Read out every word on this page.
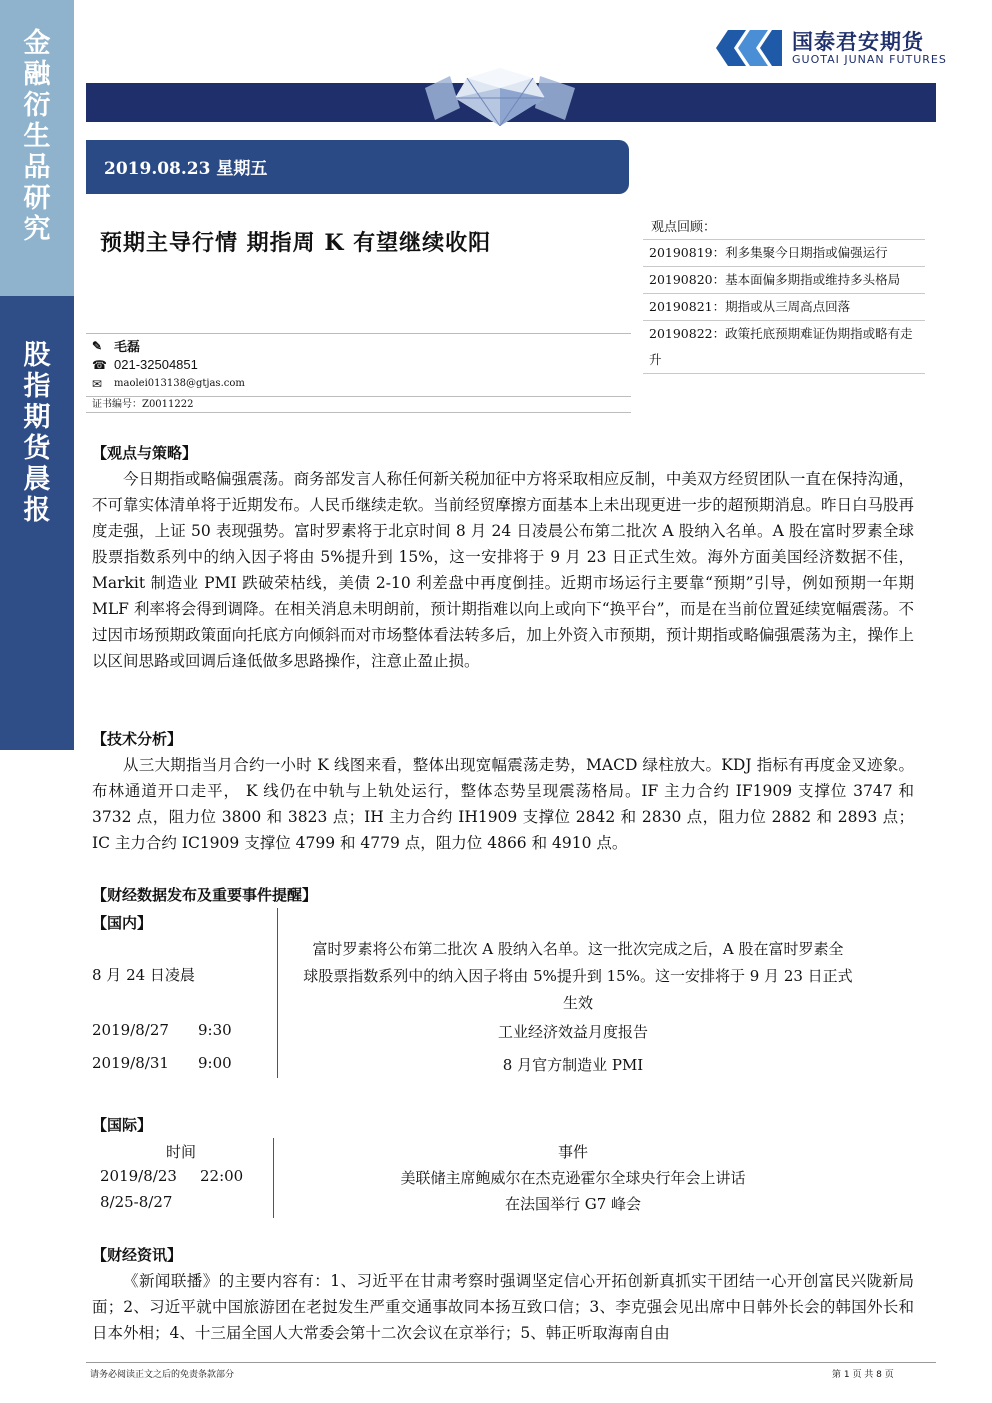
金
融
衍
生
品
研
究
股
指
期
货
晨
报
国泰君安期货
GUOTAI JUNAN FUTURES
2019.08.23 星期五
预期主导行情 期指周 K 有望继续收阳
观点回顾：
20190819：利多集聚今日期指或偏强运行
20190820：基本面偏多期指或维持多头格局
20190821：期指或从三周高点回落
20190822：政策托底预期难证伪期指或略有走升
✎ 毛磊
☎ 021-32504851
✉	maolei013138@gtjas.com
证书编号：Z0011222
【观点与策略】
今日期指或略偏强震荡。商务部发言人称任何新关税加征中方将采取相应反制，中美双方经贸团队一直在保持沟通，不可靠实体清单将于近期发布。人民币继续走软。当前经贸摩擦方面基本上未出现更进一步的超预期消息。昨日白马股再度走强，上证 50 表现强势。富时罗素将于北京时间 8 月 24 日凌晨公布第二批次 A 股纳入名单。A 股在富时罗素全球股票指数系列中的纳入因子将由 5%提升到 15%，这一安排将于 9 月 23 日正式生效。海外方面美国经济数据不佳，Markit 制造业 PMI 跌破荣枯线，美债 2-10 利差盘中再度倒挂。近期市场运行主要靠“预期”引导，例如预期一年期 MLF 利率将会得到调降。在相关消息未明朗前，预计期指难以向上或向下“换平台”，而是在当前位置延续宽幅震荡。不过因市场预期政策面向托底方向倾斜而对市场整体看法转多后，加上外资入市预期，预计期指或略偏强震荡为主，操作上以区间思路或回调后逢低做多思路操作，注意止盈止损。
【技术分析】
从三大期指当月合约一小时 K 线图来看，整体出现宽幅震荡走势，MACD 绿柱放大。KDJ 指标有再度金叉迹象。布林通道开口走平， K 线仍在中轨与上轨处运行，整体态势呈现震荡格局。IF 主力合约 IF1909 支撑位 3747 和 3732 点，阻力位 3800 和 3823 点；IH 主力合约 IH1909 支撑位 2842 和 2830 点，阻力位 2882 和 2893 点；IC 主力合约 IC1909 支撑位 4799 和 4779 点，阻力位 4866 和 4910 点。
【财经数据发布及重要事件提醒】
【国内】
8 月 24 日凌晨
富时罗素将公布第二批次 A 股纳入名单。这一批次完成之后，A 股在富时罗素全
球股票指数系列中的纳入因子将由 5%提升到 15%。这一安排将于 9 月 23 日正式
生效
2019/8/27 9:30	工业经济效益月度报告
2019/8/31 9:00	8 月官方制造业 PMI
【国际】
时间	事件
2019/8/23 22:00	美联储主席鲍威尔在杰克逊霍尔全球央行年会上讲话
8/25-8/27	在法国举行 G7 峰会
【财经资讯】
《新闻联播》的主要内容有：1、习近平在甘肃考察时强调坚定信心开拓创新真抓实干团结一心开创富民兴陇新局面；2、习近平就中国旅游团在老挝发生严重交通事故同本扬互致口信；3、李克强会见出席中日韩外长会的韩国外长和日本外相；4、十三届全国人大常委会第十二次会议在京举行；5、韩正听取海南自由
请务必阅读正文之后的免责条款部分	第 1 页 共 8 页
